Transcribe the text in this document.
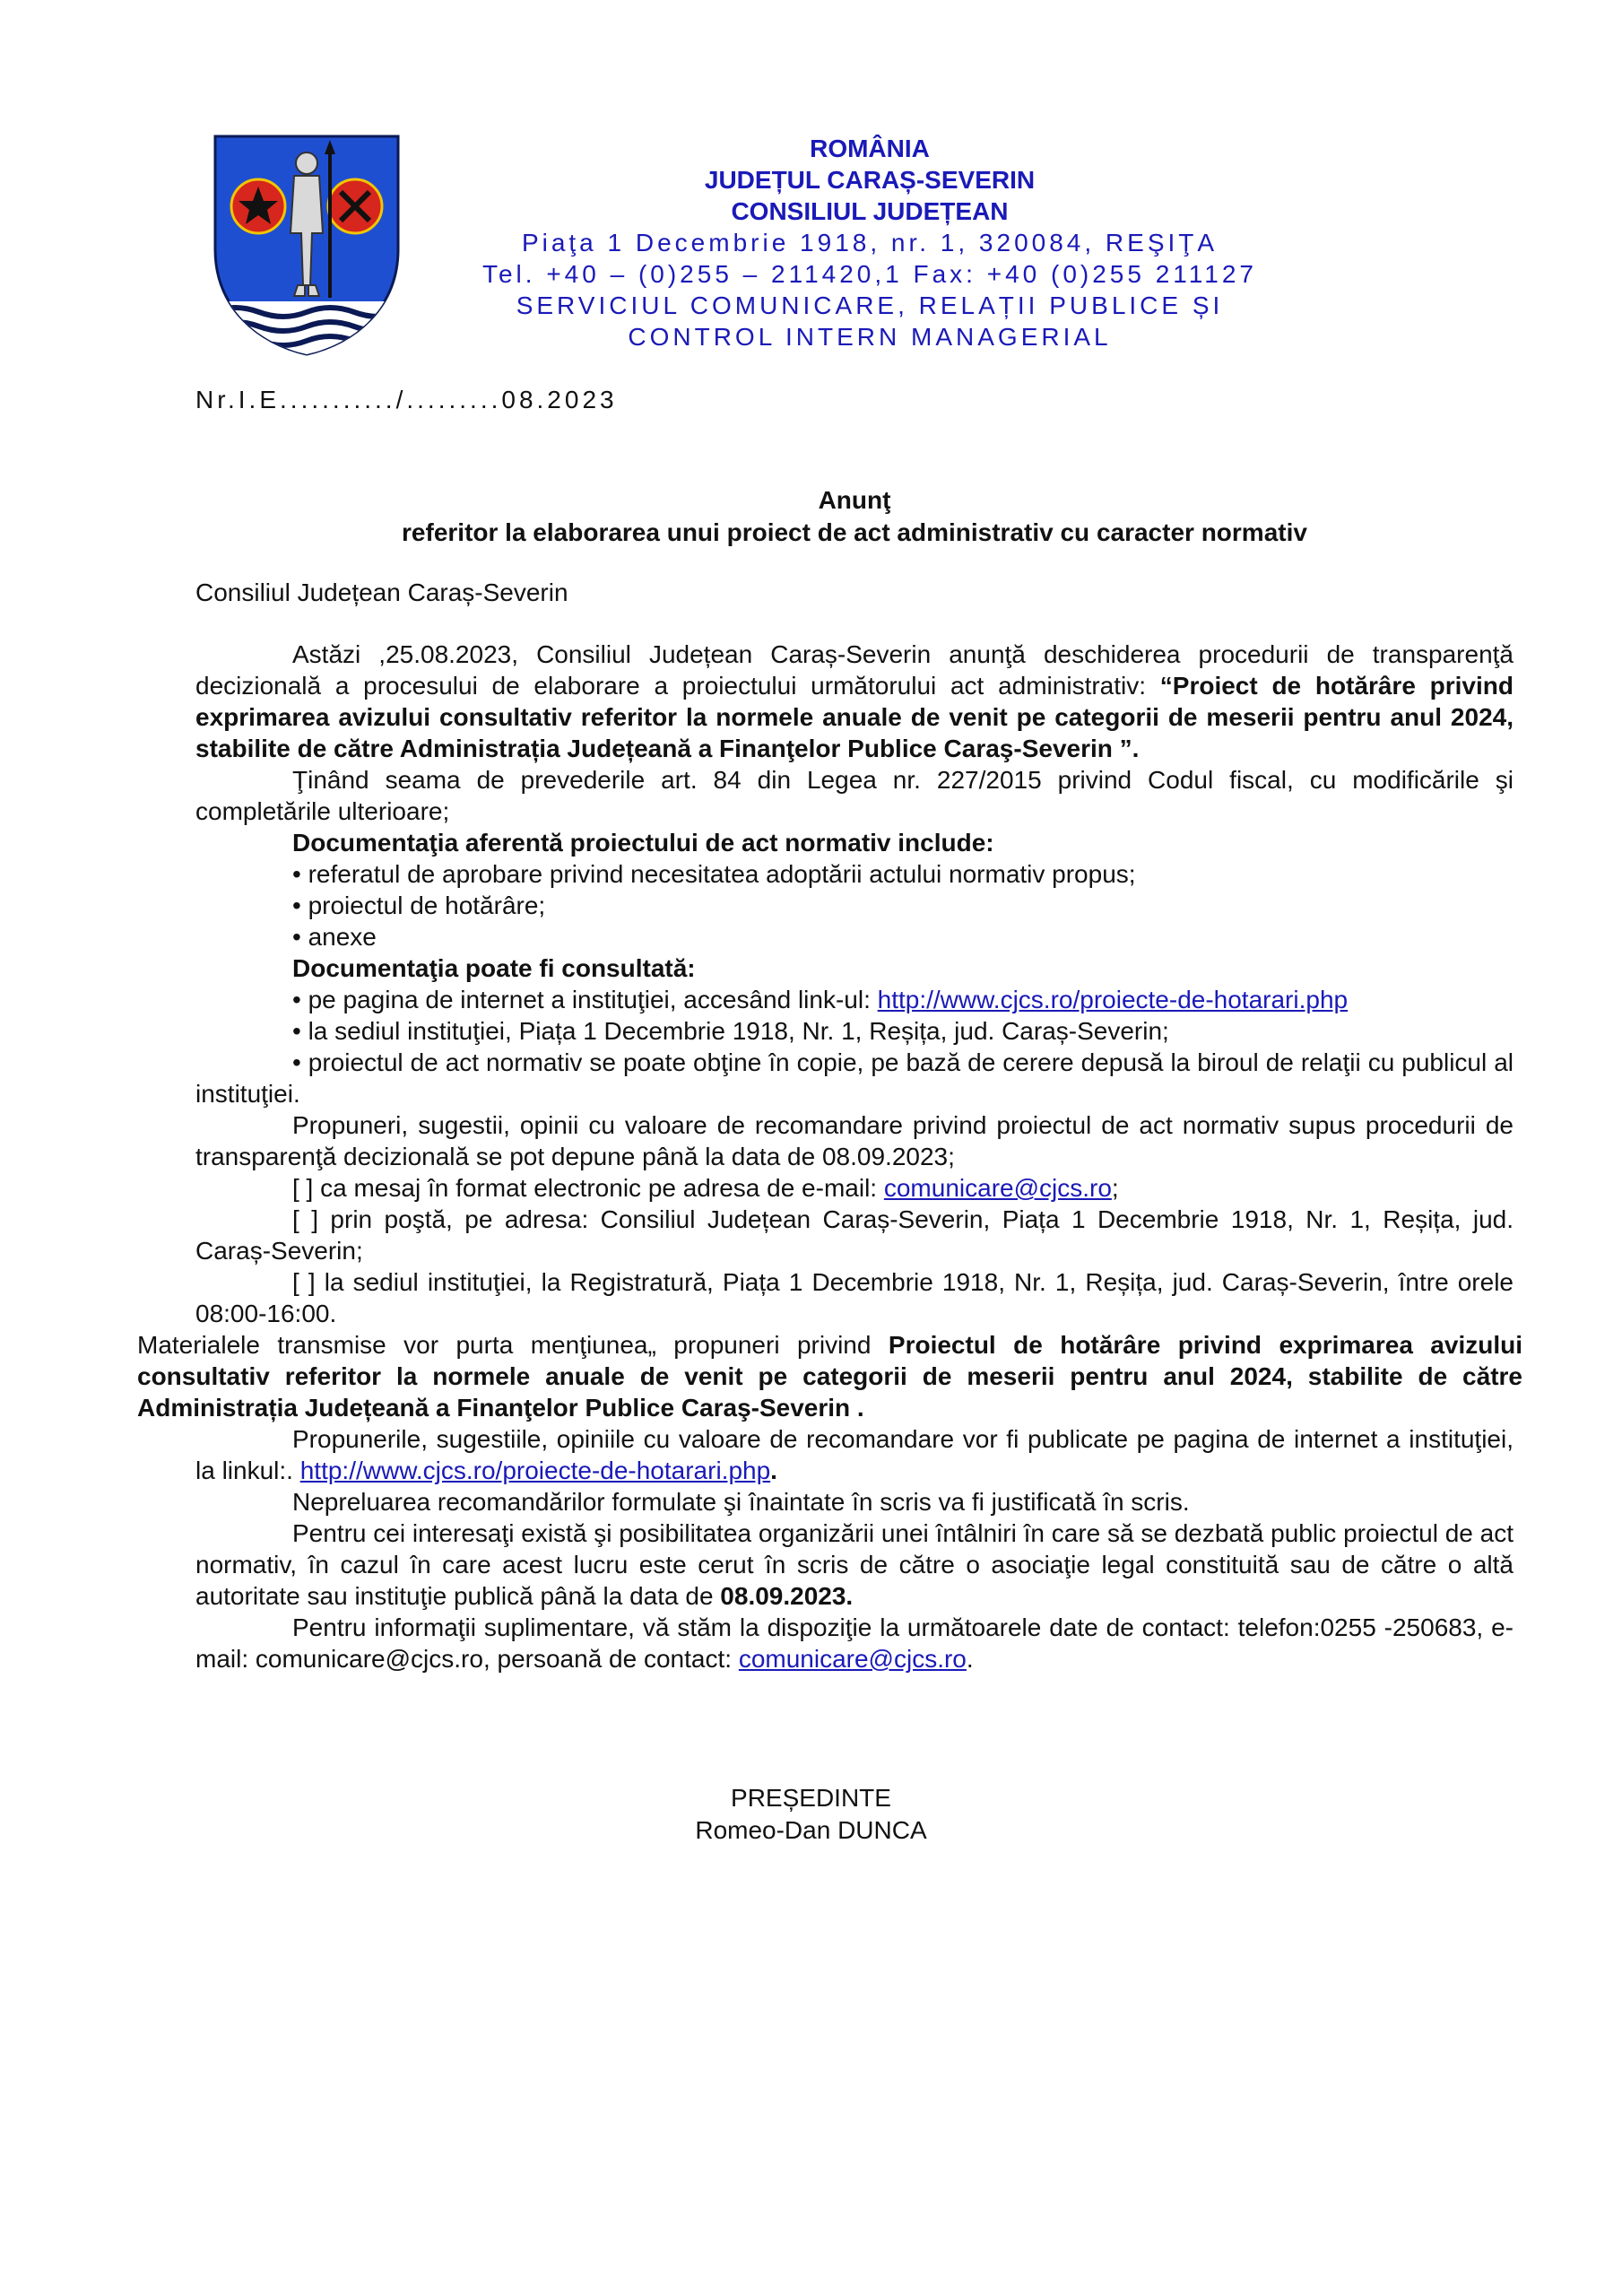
ROMÂNIA
JUDEȚUL CARAȘ-SEVERIN
CONSILIUL JUDEȚEAN
Piaţa 1 Decembrie 1918, nr. 1, 320084, REŞIŢA
Tel. +40 – (0)255 – 211420,1 Fax: +40 (0)255 211127
SERVICIUL COMUNICARE, RELAȚII PUBLICE ȘI
CONTROL INTERN MANAGERIAL
Nr.I.E.........../.........08.2023
Anunţ
referitor la elaborarea unui proiect de act administrativ cu caracter normativ
Consiliul Județean Caraș-Severin

Astăzi ,25.08.2023, Consiliul Județean Caraș-Severin anunţă deschiderea procedurii de transparenţă decizională a procesului de elaborare a proiectului următorului act administrativ: “Proiect de hotărâre privind exprimarea avizului consultativ referitor la normele anuale de venit pe categorii de meserii pentru anul 2024, stabilite de către Administrația Județeană a Finanţelor Publice Caraş-Severin ”.

Ţinând seama de prevederile art. 84 din Legea nr. 227/2015 privind Codul fiscal, cu modificările şi completările ulterioare;

Documentaţia aferentă proiectului de act normativ include:

• referatul de aprobare privind necesitatea adoptării actului normativ propus;

• proiectul de hotărâre;

• anexe

Documentaţia poate fi consultată:

• pe pagina de internet a instituţiei, accesând link-ul: http://www.cjcs.ro/proiecte-de-hotarari.php

• la sediul instituţiei, Piața 1 Decembrie 1918, Nr. 1, Reșița, jud. Caraș-Severin;

• proiectul de act normativ se poate obţine în copie, pe bază de cerere depusă la biroul de relaţii cu publicul al instituţiei.

Propuneri, sugestii, opinii cu valoare de recomandare privind proiectul de act normativ supus procedurii de transparenţă decizională se pot depune până la data de 08.09.2023;

[ ] ca mesaj în format electronic pe adresa de e-mail: comunicare@cjcs.ro;

[ ] prin poştă, pe adresa: Consiliul Județean Caraș-Severin, Piața 1 Decembrie 1918, Nr. 1, Reșița, jud. Caraș-Severin;

[ ] la sediul instituţiei, la Registratură, Piața 1 Decembrie 1918, Nr. 1, Reșița, jud. Caraș-Severin, între orele 08:00-16:00.

Materialele transmise vor purta menţiunea„ propuneri privind Proiectul de hotărâre privind exprimarea avizului consultativ referitor la normele anuale de venit pe categorii de meserii pentru anul 2024, stabilite de către Administrația Județeană a Finanţelor Publice Caraş-Severin .

Propunerile, sugestiile, opiniile cu valoare de recomandare vor fi publicate pe pagina de internet a instituţiei, la linkul:. http://www.cjcs.ro/proiecte-de-hotarari.php.

Nepreluarea recomandărilor formulate şi înaintate în scris va fi justificată în scris.

Pentru cei interesaţi există şi posibilitatea organizării unei întâlniri în care să se dezbată public proiectul de act normativ, în cazul în care acest lucru este cerut în scris de către o asociaţie legal constituită sau de către o altă autoritate sau instituţie publică până la data de 08.09.2023.

Pentru informaţii suplimentare, vă stăm la dispoziţie la următoarele date de contact: telefon:0255 -250683, e-mail: comunicare@cjcs.ro, persoană de contact: comunicare@cjcs.ro.

PREȘEDINTE
Romeo-Dan DUNCA
